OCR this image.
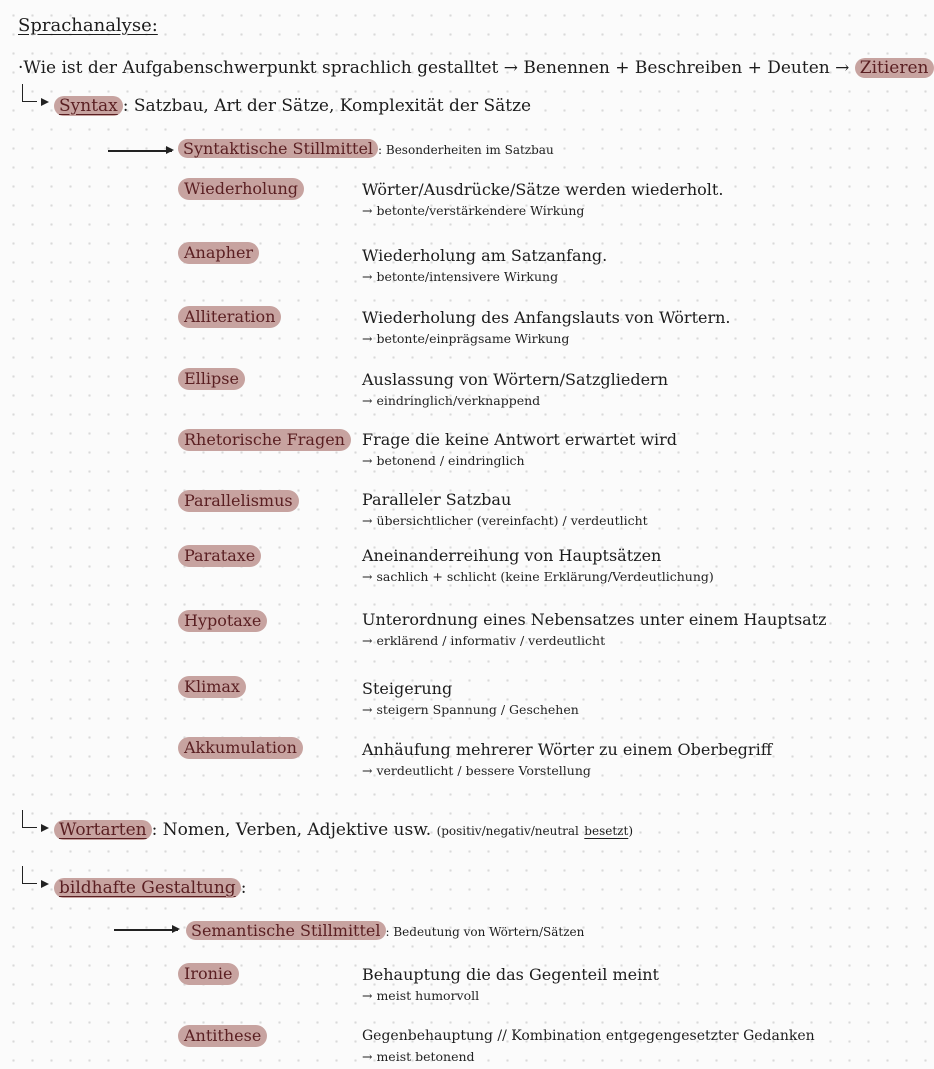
Sprachanalyse:
·Wie ist der Aufgabenschwerpunkt sprachlich gestalltet → Benennen + Beschreiben + Deuten → Zitieren
Syntax : Satzbau, Art der Sätze, Komplexität der Sätze
Syntaktische Stillmittel : Besonderheiten im Satzbau
Wiederholung	Wörter/Ausdrücke/Sätze werden wiederholt.
→ betonte/verstärkendere Wirkung
Anapher	Wiederholung am Satzanfang.
→ betonte/intensivere Wirkung
Alliteration	Wiederholung des Anfangslauts von Wörtern.
→ betonte/einprägsame Wirkung
Ellipse	Auslassung von Wörtern/Satzgliedern
→ eindringlich/verknappend
Rhetorische Fragen	Frage die keine Antwort erwartet wird
→ betonend / eindringlich
Parallelismus	Paralleler Satzbau
→ übersichtlicher (vereinfacht) / verdeutlicht
Parataxe	Aneinanderreihung von Hauptsätzen
→ sachlich + schlicht (keine Erklärung/Verdeutlichung)
Hypotaxe	Unterordnung eines Nebensatzes unter einem Hauptsatz
→ erklärend / informativ / verdeutlicht
Klimax	Steigerung
→ steigern Spannung / Geschehen
Akkumulation	Anhäufung mehrerer Wörter zu einem Oberbegriff
→ verdeutlicht / bessere Vorstellung
Wortarten : Nomen, Verben, Adjektive usw. (positiv/negativ/neutral besetzt)
bildhafte Gestaltung :
Semantische Stillmittel : Bedeutung von Wörtern/Sätzen
Ironie	Behauptung die das Gegenteil meint
→ meist humorvoll
Antithese	Gegenbehauptung // Kombination entgegengesetzter Gedanken
→ meist betonend
